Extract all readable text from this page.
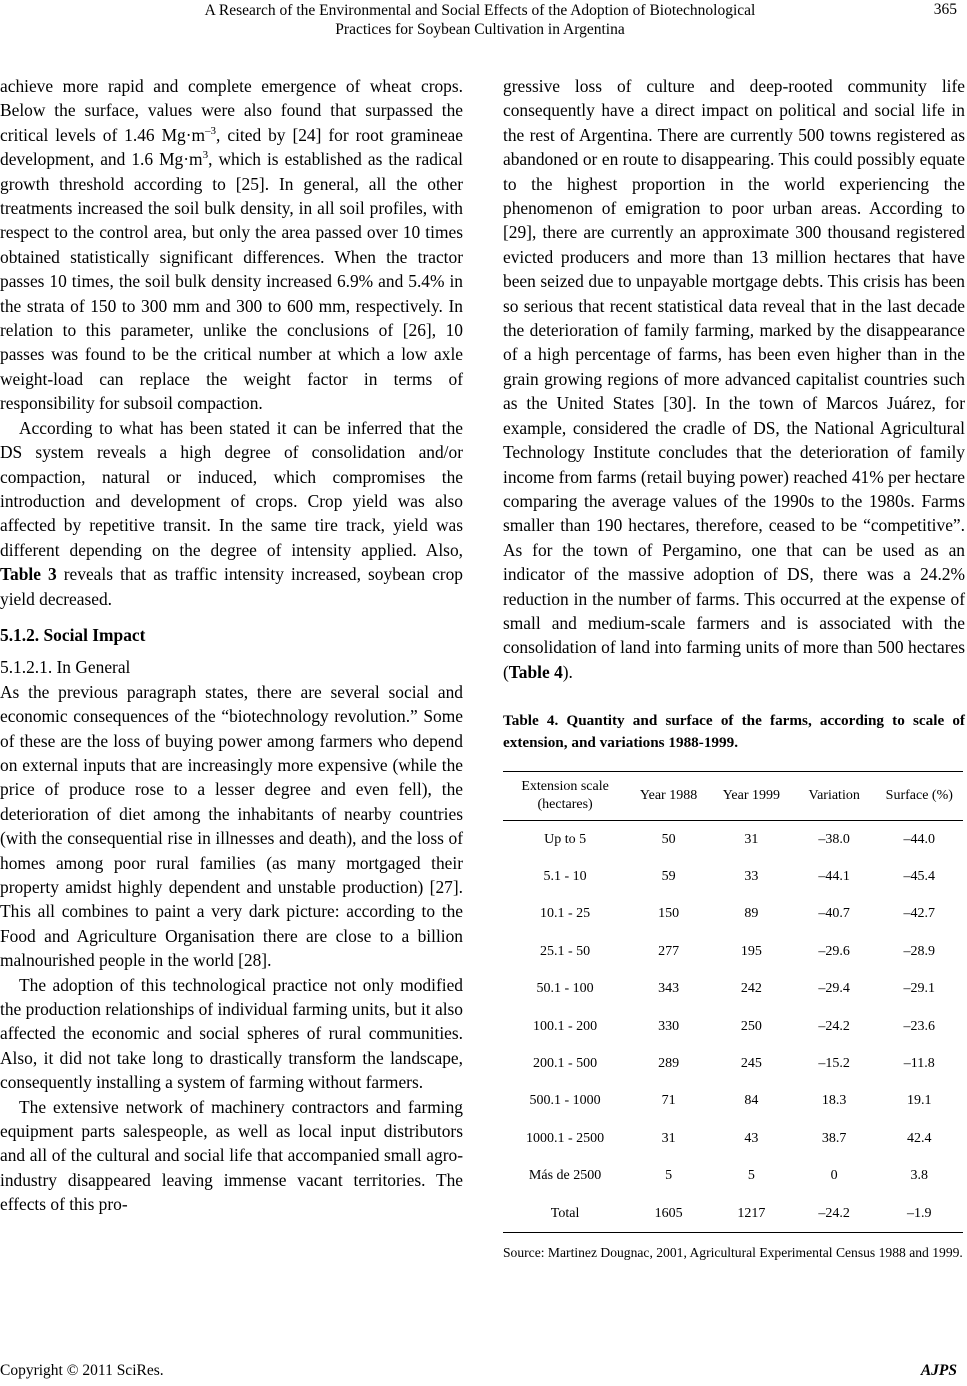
A Research of the Environmental and Social Effects of the Adoption of Biotechnological
Practices for Soybean Cultivation in Argentina
365

achieve more rapid and complete emergence of wheat crops. Below the surface, values were also found that surpassed the critical levels of 1.46 $Mg\cdot m^{-3}$, cited by [24] for root gramineae development, and 1.6 $Mg\cdot m^3$, which is established as the radical growth threshold according to [25]. In general, all the other treatments increased the soil bulk density, in all soil profiles, with respect to the control area, but only the area passed over 10 times obtained statistically significant differences. When the tractor passes 10 times, the soil bulk density increased 6.9% and 5.4% in the strata of 150 to 300 mm and 300 to 600 mm, respectively. In relation to this parameter, unlike the conclusions of [26], 10 passes was found to be the critical number at which a low axle weight-load can replace the weight factor in terms of responsibility for subsoil compaction.

According to what has been stated it can be inferred that the DS system reveals a high degree of consolidation and/or compaction, natural or induced, which compromises the introduction and development of crops. Crop yield was also affected by repetitive transit. In the same tire track, yield was different depending on the degree of intensity applied. Also, Table 3 reveals that as traffic intensity increased, soybean crop yield decreased.

5.1.2. Social Impact

5.1.2.1. In General

As the previous paragraph states, there are several social and economic consequences of the “biotechnology revolution.” Some of these are the loss of buying power among farmers who depend on external inputs that are increasingly more expensive (while the price of produce rose to a lesser degree and even fell), the deterioration of diet among the inhabitants of nearby countries (with the consequential rise in illnesses and death), and the loss of homes among poor rural families (as many mortgaged their property amidst highly dependent and unstable production) [27]. This all combines to paint a very dark picture: according to the Food and Agriculture Organisation there are close to a billion malnourished people in the world [28].

The adoption of this technological practice not only modified the production relationships of individual farming units, but it also affected the economic and social spheres of rural communities. Also, it did not take long to drastically transform the landscape, consequently installing a system of farming without farmers.

The extensive network of machinery contractors and farming equipment parts salespeople, as well as local input distributors and all of the cultural and social life that accompanied small agro-industry disappeared leaving immense vacant territories. The effects of this pro-

gressive loss of culture and deep-rooted community life consequently have a direct impact on political and social life in the rest of Argentina. There are currently 500 towns registered as abandoned or en route to disappearing. This could possibly equate to the highest proportion in the world experiencing the phenomenon of emigration to poor urban areas. According to [29], there are currently an approximate 300 thousand registered evicted producers and more than 13 million hectares that have been seized due to unpayable mortgage debts. This crisis has been so serious that recent statistical data reveal that in the last decade the deterioration of family farming, marked by the disappearance of a high percentage of farms, has been even higher than in the grain growing regions of more advanced capitalist countries such as the United States [30]. In the town of Marcos Juárez, for example, considered the cradle of DS, the National Agricultural Technology Institute concludes that the deterioration of family income from farms (retail buying power) reached 41% per hectare comparing the average values of the 1990s to the 1980s. Farms smaller than 190 hectares, therefore, ceased to be “competitive”. As for the town of Pergamino, one that can be used as an indicator of the massive adoption of DS, there was a 24.2% reduction in the number of farms. This occurred at the expense of small and medium-scale farmers and is associated with the consolidation of land into farming units of more than 500 hectares (Table 4).

Table 4. Quantity and surface of the farms, according to scale of extension, and variations 1988-1999.

Extension scale (hectares)	Year 1988	Year 1999	Variation	Surface (%)
Up to 5	50	31	–38.0	–44.0
5.1 - 10	59	33	–44.1	–45.4
10.1 - 25	150	89	–40.7	–42.7
25.1 - 50	277	195	–29.6	–28.9
50.1 - 100	343	242	–29.4	–29.1
100.1 - 200	330	250	–24.2	–23.6
200.1 - 500	289	245	–15.2	–11.8
500.1 - 1000	71	84	18.3	19.1
1000.1 - 2500	31	43	38.7	42.4
Más de 2500	5	5	0	3.8
Total	1605	1217	–24.2	–1.9

Source: Martinez Dougnac, 2001, Agricultural Experimental Census 1988 and 1999.

Copyright © 2011 SciRes.	AJPS
